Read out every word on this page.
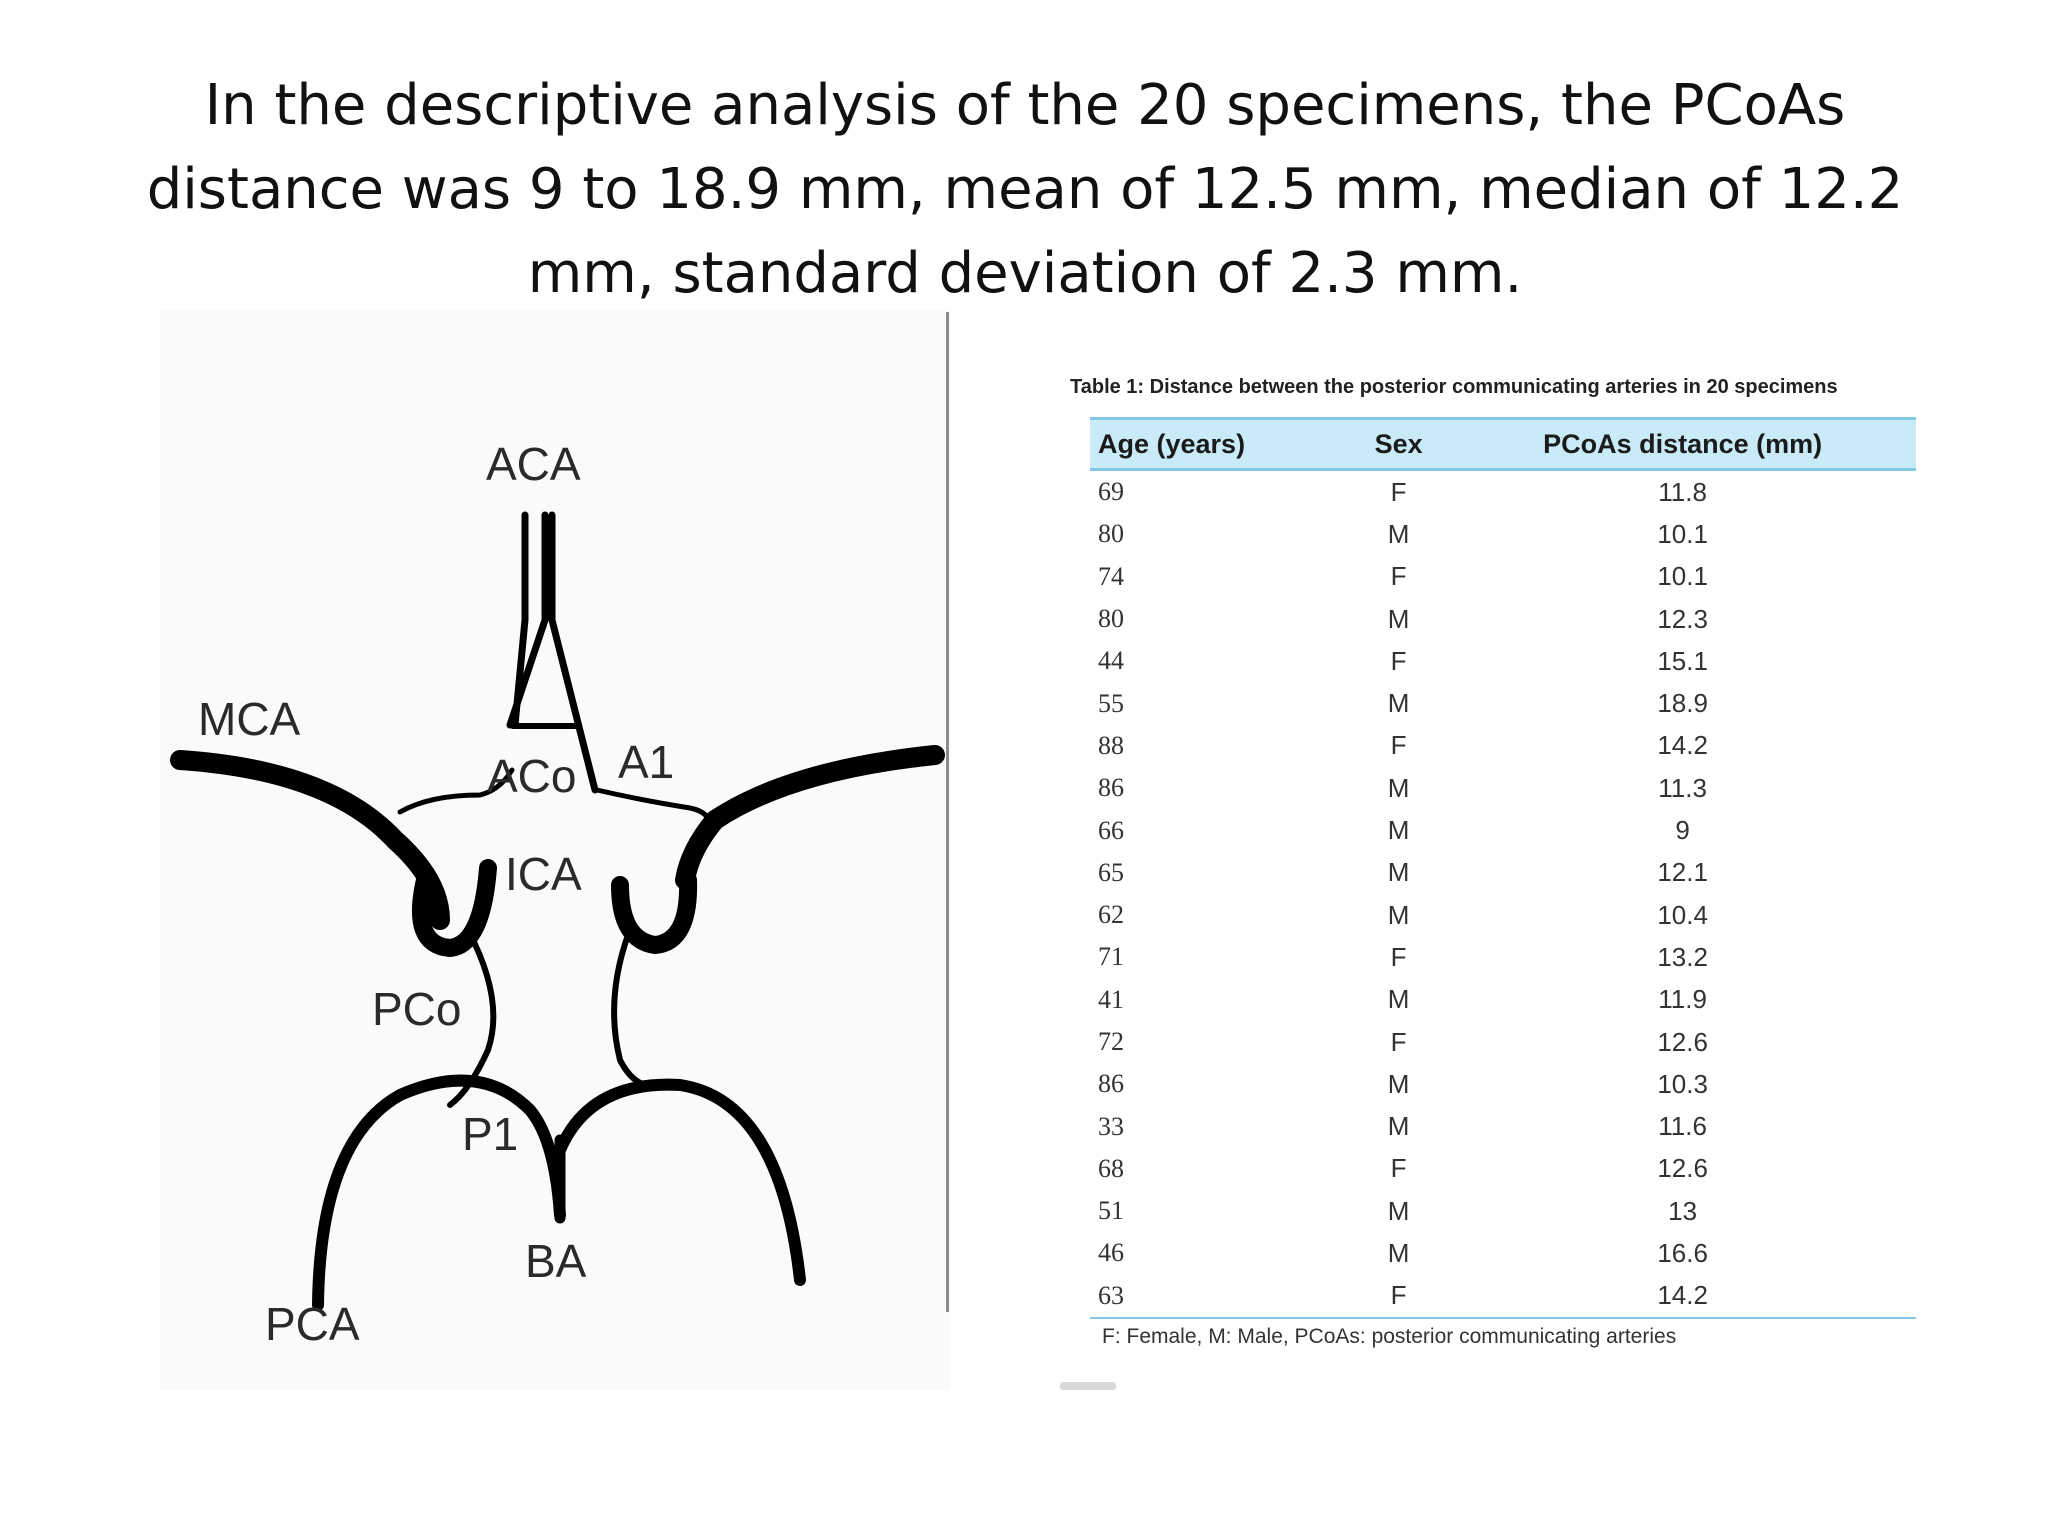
In the descriptive analysis of the 20 specimens, the PCoAs distance was 9 to 18.9 mm, mean of 12.5 mm, median of 12.2 mm, standard deviation of 2.3 mm.
ACA
MCA
ACo A1
ICA
PCo
P1
BA
PCA

Table 1: Distance between the posterior communicating arteries in 20 specimens

Age (years)	Sex	PCoAs distance (mm)
69	F	11.8
80	M	10.1
74	F	10.1
80	M	12.3
44	F	15.1
55	M	18.9
88	F	14.2
86	M	11.3
66	M	9
65	M	12.1
62	M	10.4
71	F	13.2
41	M	11.9
72	F	12.6
86	M	10.3
33	M	11.6
68	F	12.6
51	M	13
46	M	16.6
63	F	14.2

F: Female, M: Male, PCoAs: posterior communicating arteries
